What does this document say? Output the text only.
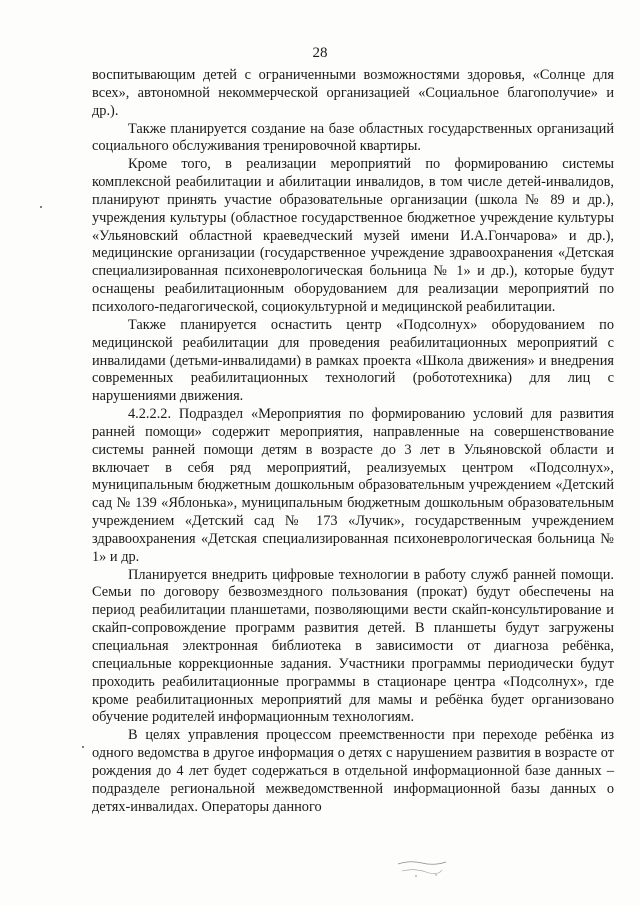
28

воспитывающим детей с ограниченными возможностями здоровья, «Солнце для всех», автономной некоммерческой организацией «Социальное благополучие» и др.).

Также планируется создание на базе областных государственных организаций социального обслуживания тренировочной квартиры.

Кроме того, в реализации мероприятий по формированию системы комплексной реабилитации и абилитации инвалидов, в том числе детей-инвалидов, планируют принять участие образовательные организации (школа № 89 и др.), учреждения культуры (областное государственное бюджетное учреждение культуры «Ульяновский областной краеведческий музей имени И.А.Гончарова» и др.), медицинские организации (государственное учреждение здравоохранения «Детская специализированная психоневрологическая больница № 1» и др.), которые будут оснащены реабилитационным оборудованием для реализации мероприятий по психолого-педагогической, социокультурной и медицинской реабилитации.

Также планируется оснастить центр «Подсолнух» оборудованием по медицинской реабилитации для проведения реабилитационных мероприятий с инвалидами (детьми-инвалидами) в рамках проекта «Школа движения» и внедрения современных реабилитационных технологий (робототехника) для лиц с нарушениями движения.

4.2.2.2. Подраздел «Мероприятия по формированию условий для развития ранней помощи» содержит мероприятия, направленные на совершенствование системы ранней помощи детям в возрасте до 3 лет в Ульяновской области и включает в себя ряд мероприятий, реализуемых центром «Подсолнух», муниципальным бюджетным дошкольным образовательным учреждением «Детский сад № 139 «Яблонька», муниципальным бюджетным дошкольным образовательным учреждением «Детский сад № 173 «Лучик», государственным учреждением здравоохранения «Детская специализированная психоневрологическая больница № 1» и др.

Планируется внедрить цифровые технологии в работу служб ранней помощи. Семьи по договору безвозмездного пользования (прокат) будут обеспечены на период реабилитации планшетами, позволяющими вести скайп-консультирование и скайп-сопровождение программ развития детей. В планшеты будут загружены специальная электронная библиотека в зависимости от диагноза ребёнка, специальные коррекционные задания. Участники программы периодически будут проходить реабилитационные программы в стационаре центра «Подсолнух», где кроме реабилитационных мероприятий для мамы и ребёнка будет организовано обучение родителей информационным технологиям.

В целях управления процессом преемственности при переходе ребёнка из одного ведомства в другое информация о детях с нарушением развития в возрасте от рождения до 4 лет будет содержаться в отдельной информационной базе данных – подразделе региональной межведомственной информационной базы данных о детях-инвалидах. Операторы данного
